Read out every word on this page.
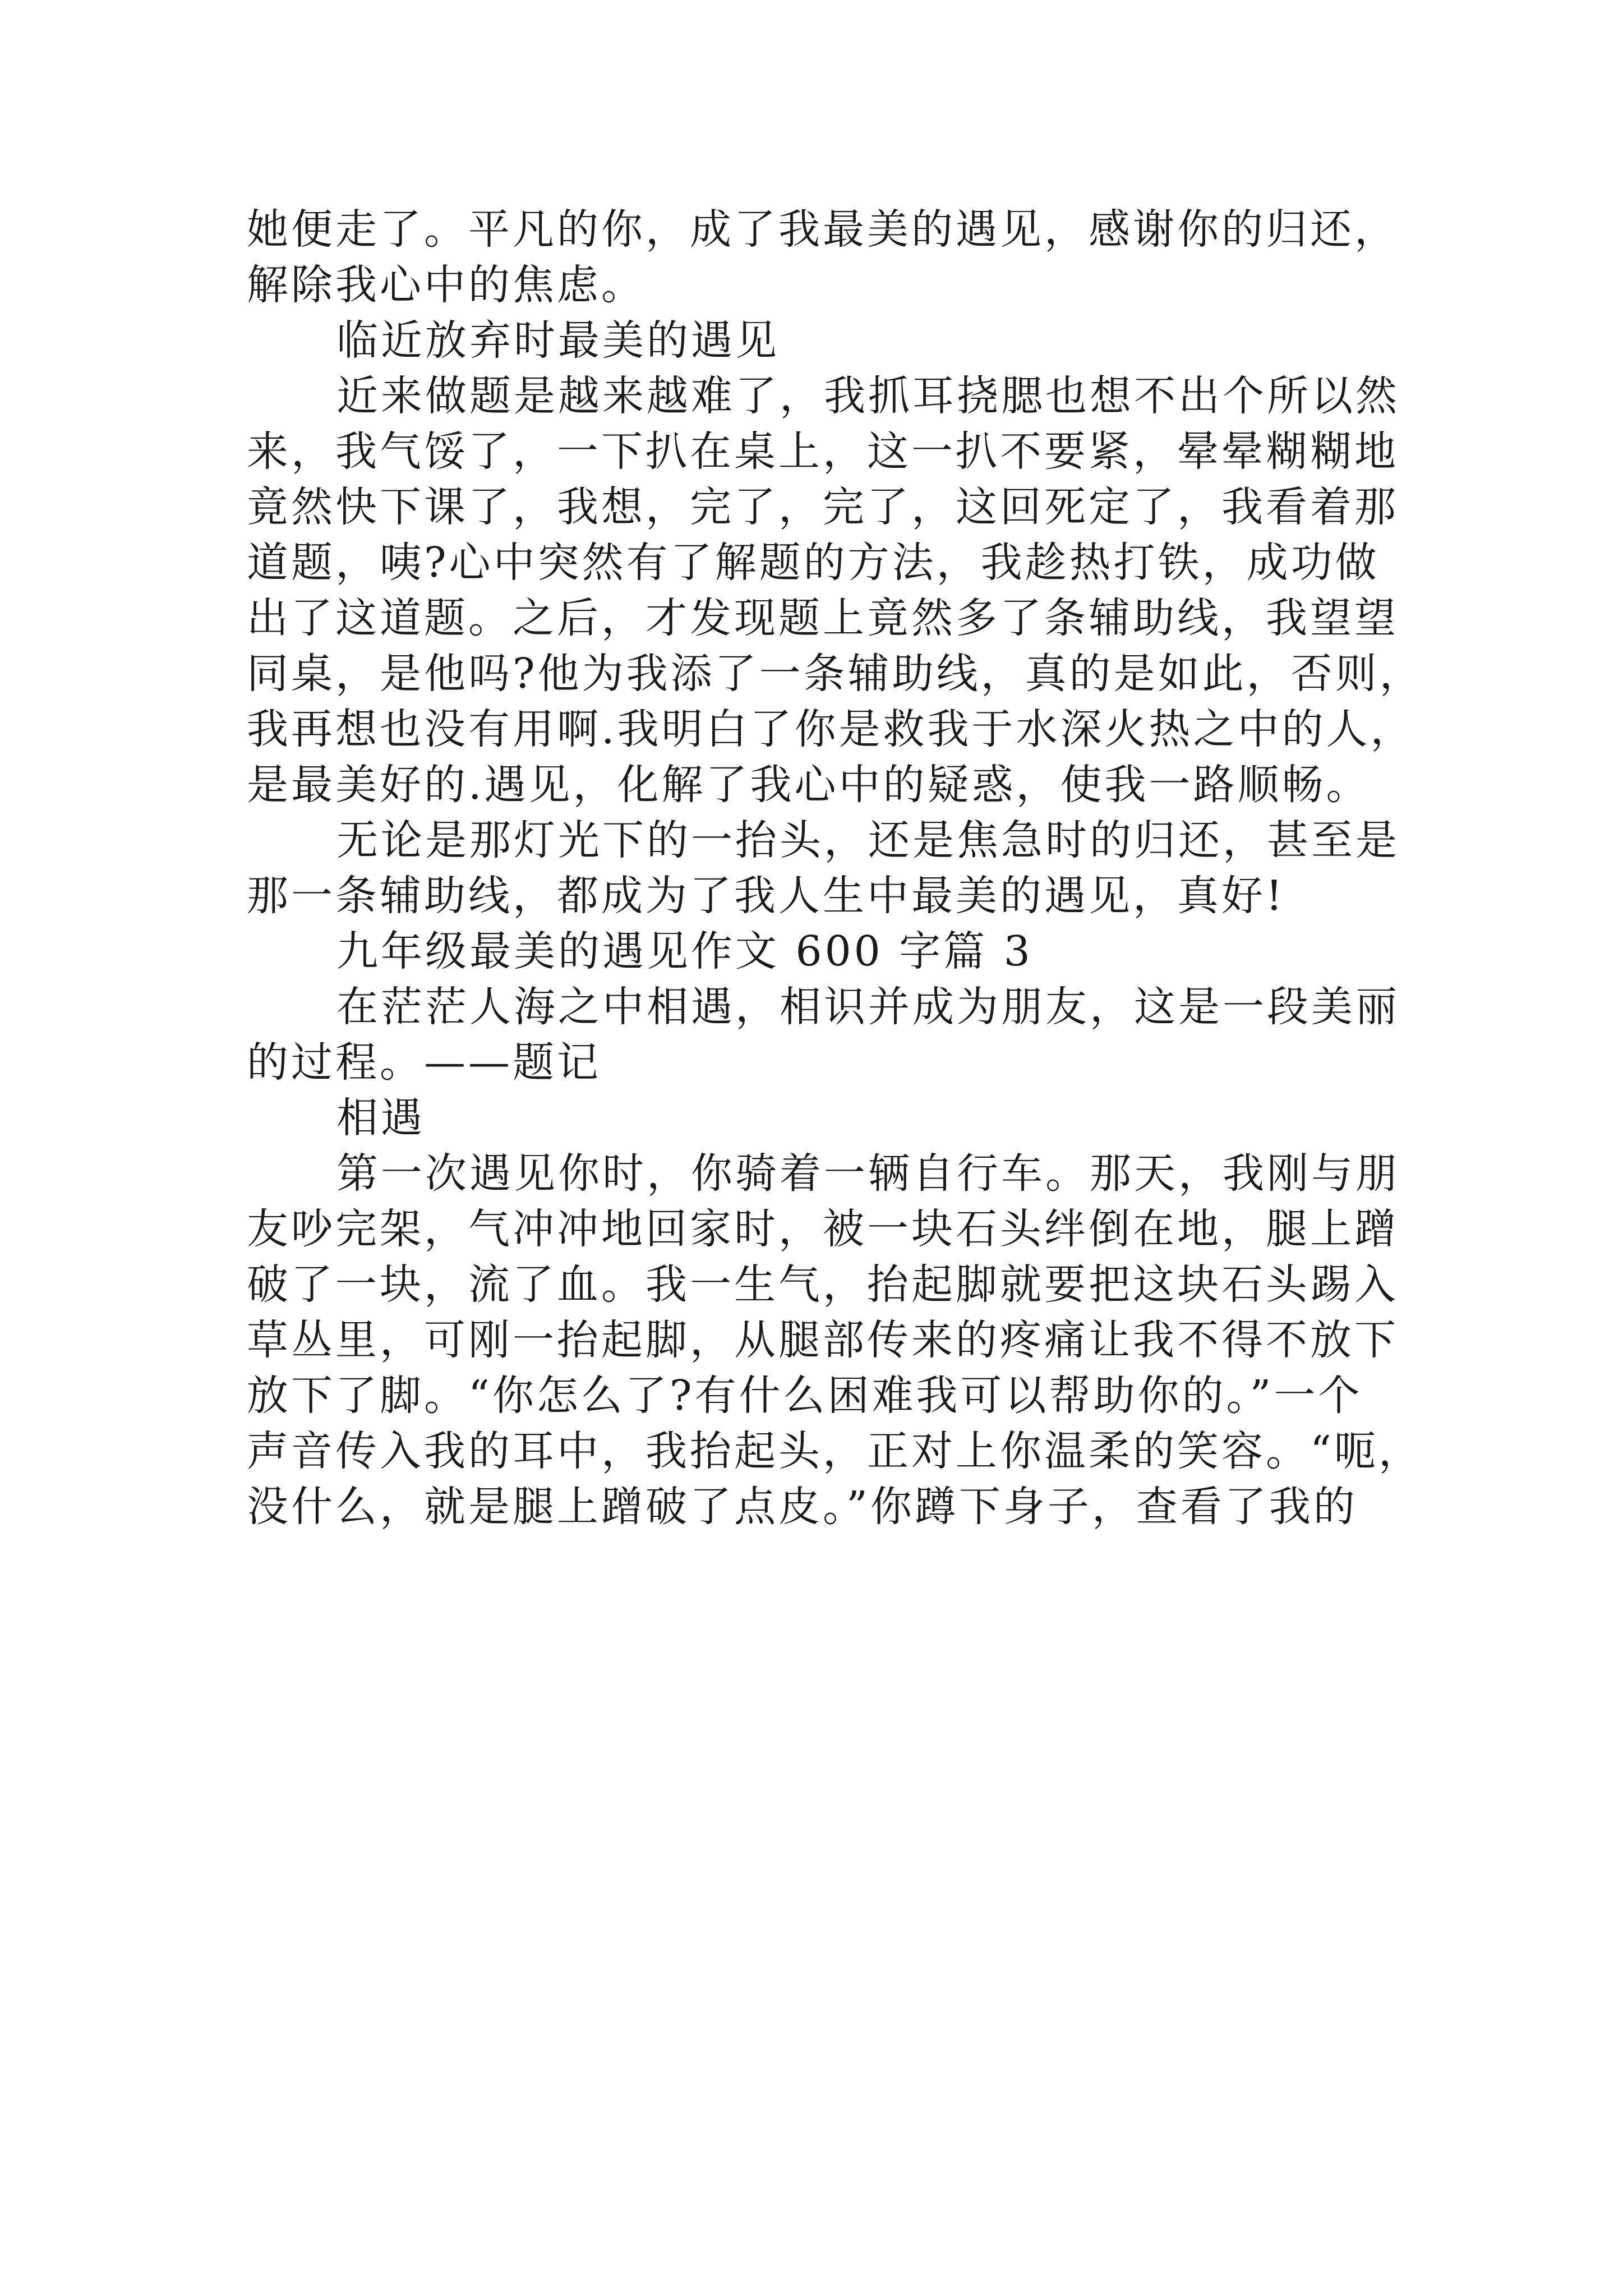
她便走了。平凡的你，成了我最美的遇见，感谢你的归还，

解除我心中的焦虑。

临近放弃时最美的遇见

近来做题是越来越难了，我抓耳挠腮也想不出个所以然

来，我气馁了，一下扒在桌上，这一扒不要紧，晕晕糊糊地

竟然快下课了，我想，完了，完了，这回死定了，我看着那

道题，咦?心中突然有了解题的方法，我趁热打铁，成功做

出了这道题。之后，才发现题上竟然多了条辅助线，我望望

同桌，是他吗?他为我添了一条辅助线，真的是如此，否则，

我再想也没有用啊.我明白了你是救我于水深火热之中的人，

是最美好的.遇见，化解了我心中的疑惑，使我一路顺畅。

无论是那灯光下的一抬头，还是焦急时的归还，甚至是

那一条辅助线，都成为了我人生中最美的遇见，真好!

九年级最美的遇见作文 600 字篇 3

在茫茫人海之中相遇，相识并成为朋友，这是一段美丽

的过程。——题记

相遇

第一次遇见你时，你骑着一辆自行车。那天，我刚与朋

友吵完架，气冲冲地回家时，被一块石头绊倒在地，腿上蹭

破了一块，流了血。我一生气，抬起脚就要把这块石头踢入

草丛里，可刚一抬起脚，从腿部传来的疼痛让我不得不放下

放下了脚。“你怎么了?有什么困难我可以帮助你的。”一个

声音传入我的耳中，我抬起头，正对上你温柔的笑容。“呃，

没什么，就是腿上蹭破了点皮。”你蹲下身子，查看了我的
